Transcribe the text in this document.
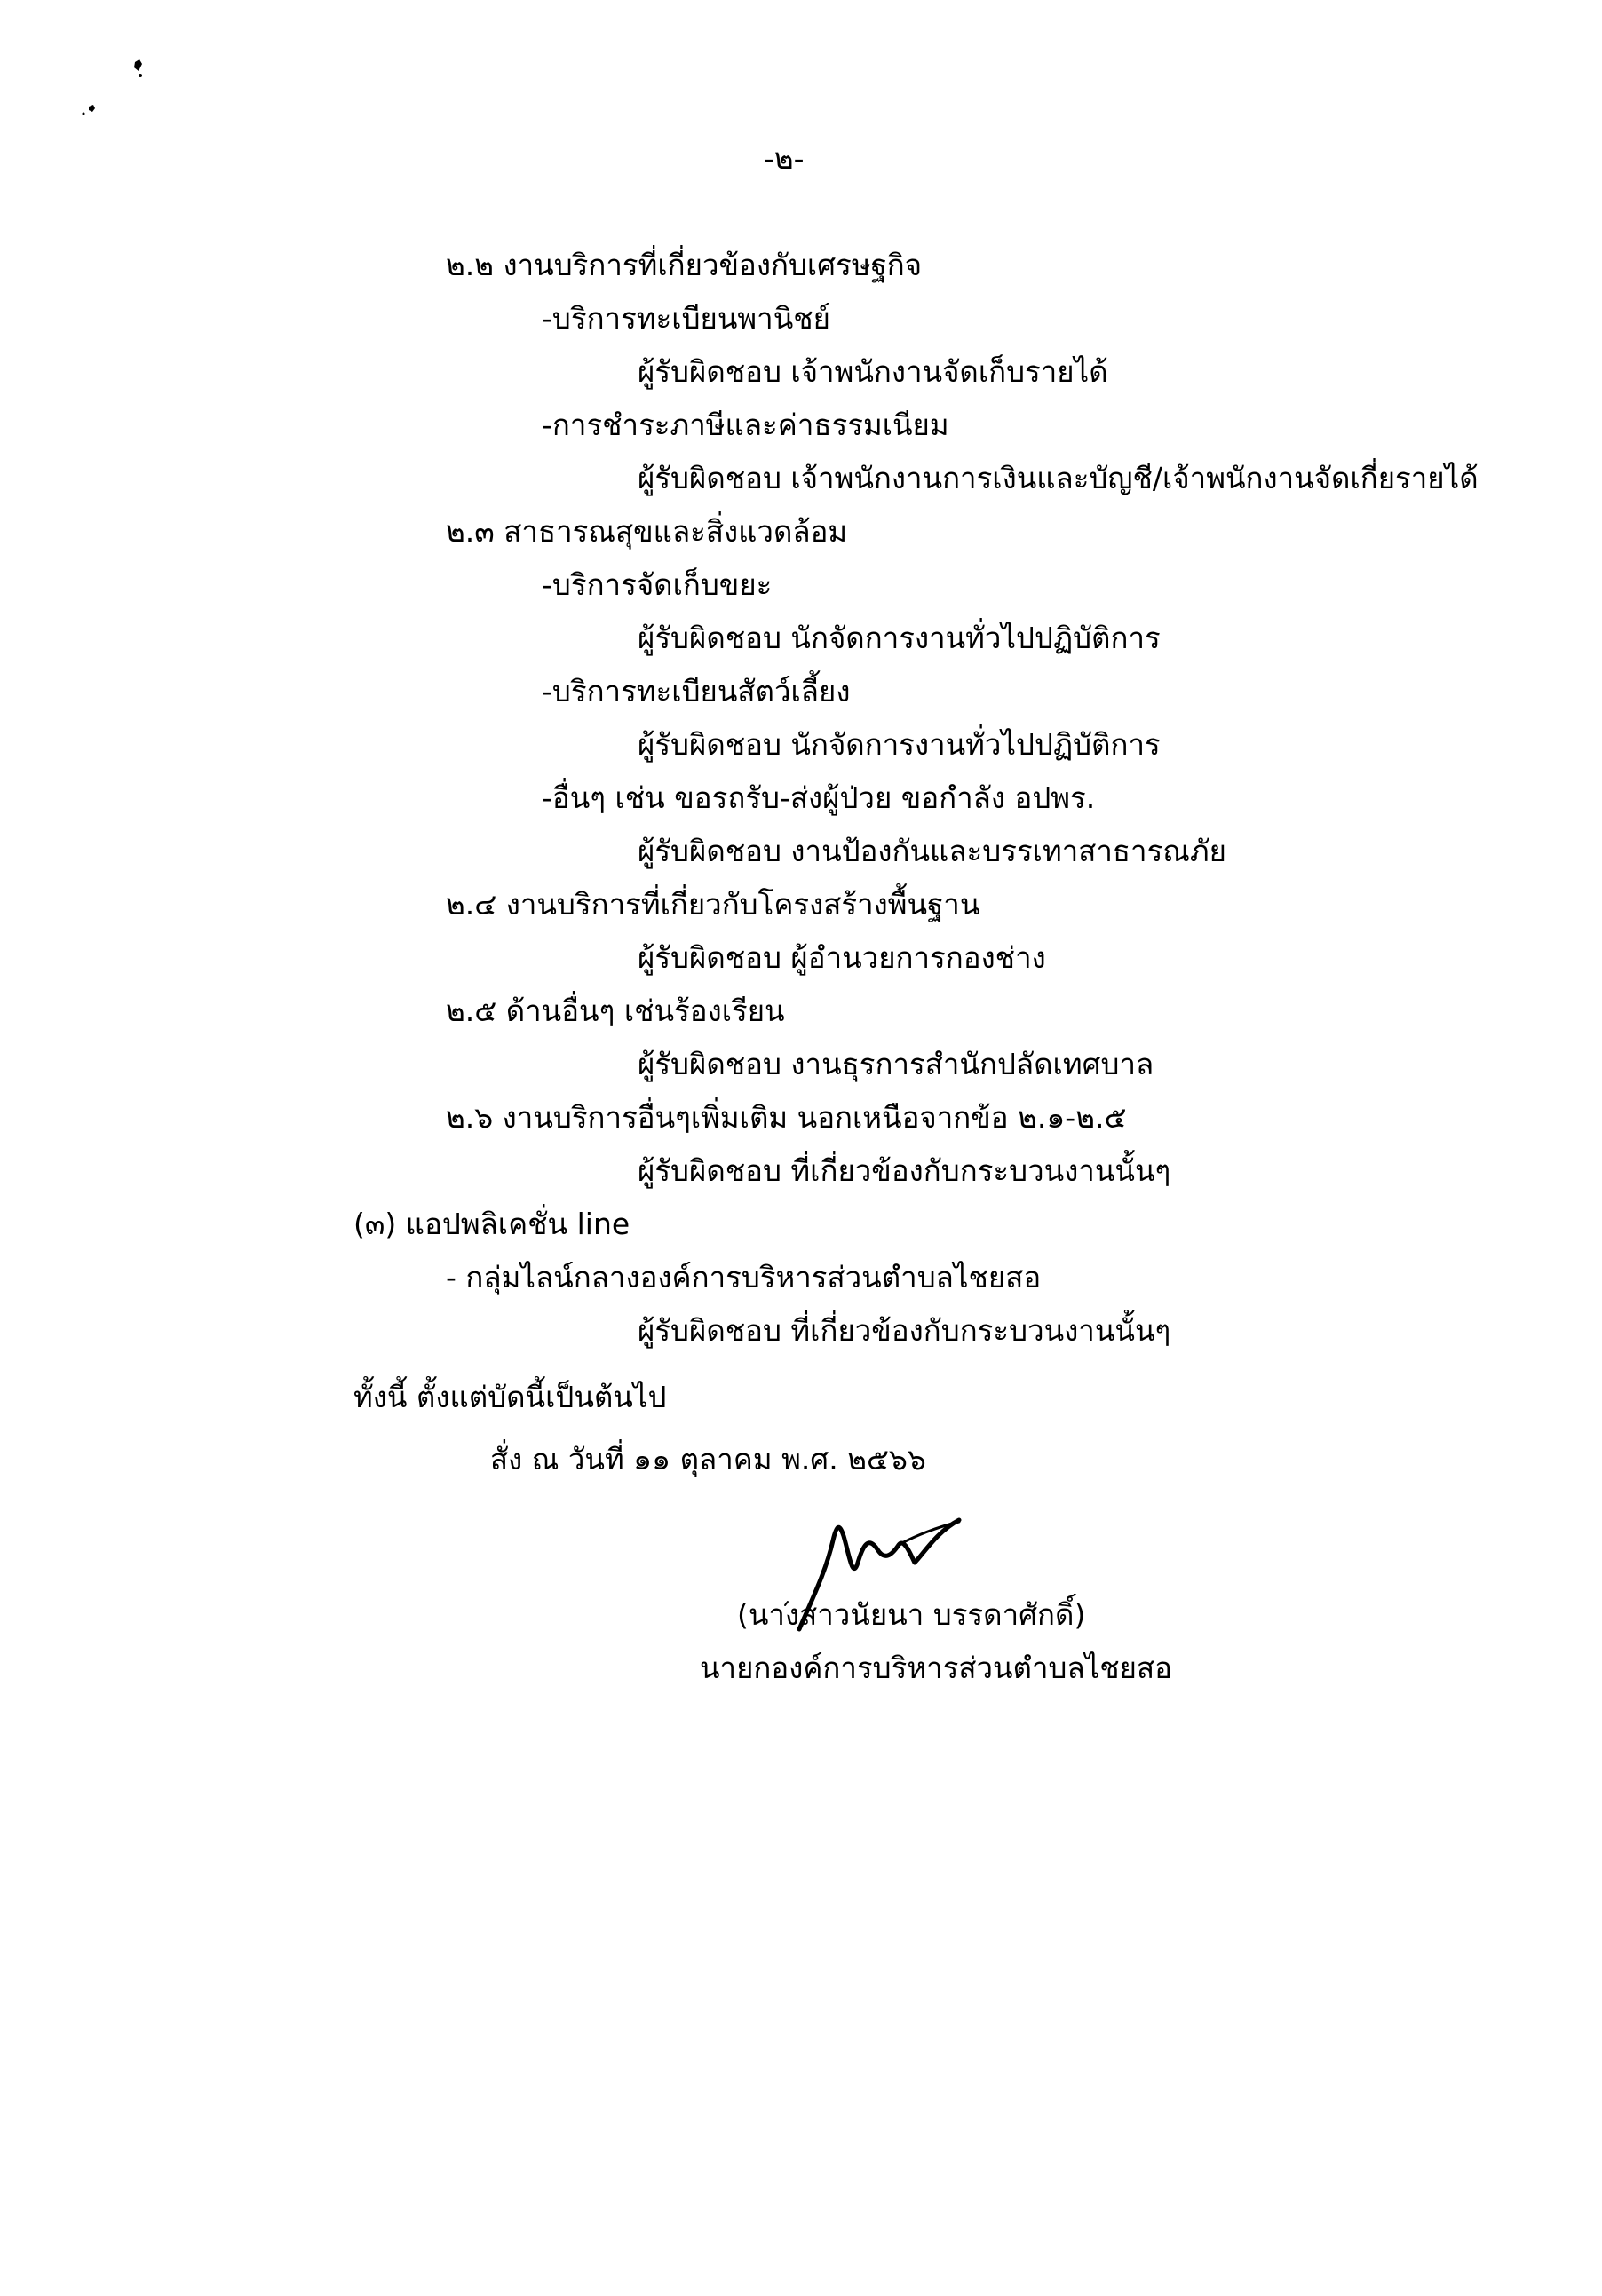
-๒-
๒.๒ งานบริการที่เกี่ยวข้องกับเศรษฐกิจ
-บริการทะเบียนพานิชย์
ผู้รับผิดชอบ เจ้าพนักงานจัดเก็บรายได้
-การชำระภาษีและค่าธรรมเนียม
ผู้รับผิดชอบ เจ้าพนักงานการเงินและบัญชี/เจ้าพนักงานจัดเกี่ยรายได้
๒.๓ สาธารณสุขและสิ่งแวดล้อม
-บริการจัดเก็บขยะ
ผู้รับผิดชอบ นักจัดการงานทั่วไปปฏิบัติการ
-บริการทะเบียนสัตว์เลี้ยง
ผู้รับผิดชอบ นักจัดการงานทั่วไปปฏิบัติการ
-อื่นๆ เช่น ขอรถรับ-ส่งผู้ป่วย ขอกำลัง อปพร.
ผู้รับผิดชอบ งานป้องกันและบรรเทาสาธารณภัย
๒.๔ งานบริการที่เกี่ยวกับโครงสร้างพื้นฐาน
ผู้รับผิดชอบ ผู้อำนวยการกองช่าง
๒.๕ ด้านอื่นๆ เช่นร้องเรียน
ผู้รับผิดชอบ งานธุรการสำนักปลัดเทศบาล
๒.๖ งานบริการอื่นๆเพิ่มเติม นอกเหนือจากข้อ ๒.๑-๒.๕
ผู้รับผิดชอบ ที่เกี่ยวข้องกับกระบวนงานนั้นๆ
(๓) แอปพลิเคชั่น line
- กลุ่มไลน์กลางองค์การบริหารส่วนตำบลไชยสอ
ผู้รับผิดชอบ ที่เกี่ยวข้องกับกระบวนงานนั้นๆ
ทั้งนี้ ตั้งแต่บัดนี้เป็นต้นไป
สั่ง ณ วันที่ ๑๑ ตุลาคม พ.ศ. ๒๕๖๖
(นางสาวนัยนา บรรดาศักดิ์)
นายกองค์การบริหารส่วนตำบลไชยสอ
